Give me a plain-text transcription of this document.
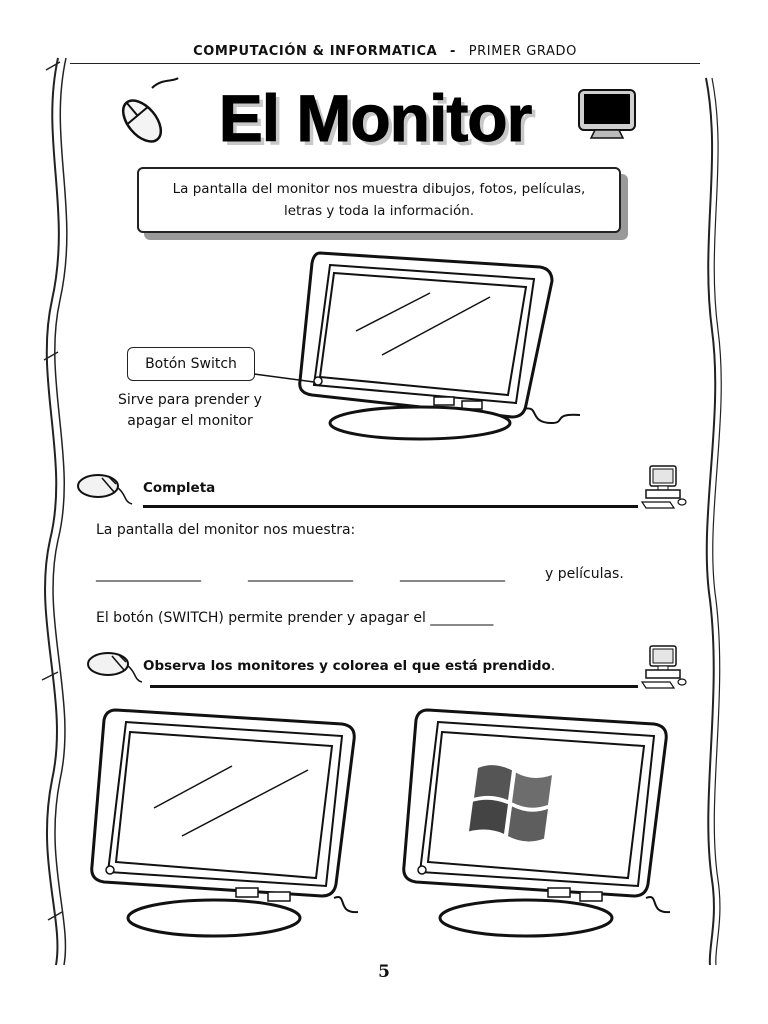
COMPUTACIÓN & INFORMATICA - PRIMER GRADO
El Monitor
La pantalla del monitor nos muestra dibujos, fotos, películas, letras y toda la información.
Botón Switch
Sirve para prender y apagar el monitor
Completa
La pantalla del monitor nos muestra:
_______________	_______________	_______________	y películas.
El botón (SWITCH) permite prender y apagar el _________
Observa los monitores y colorea el que está prendido.
5
